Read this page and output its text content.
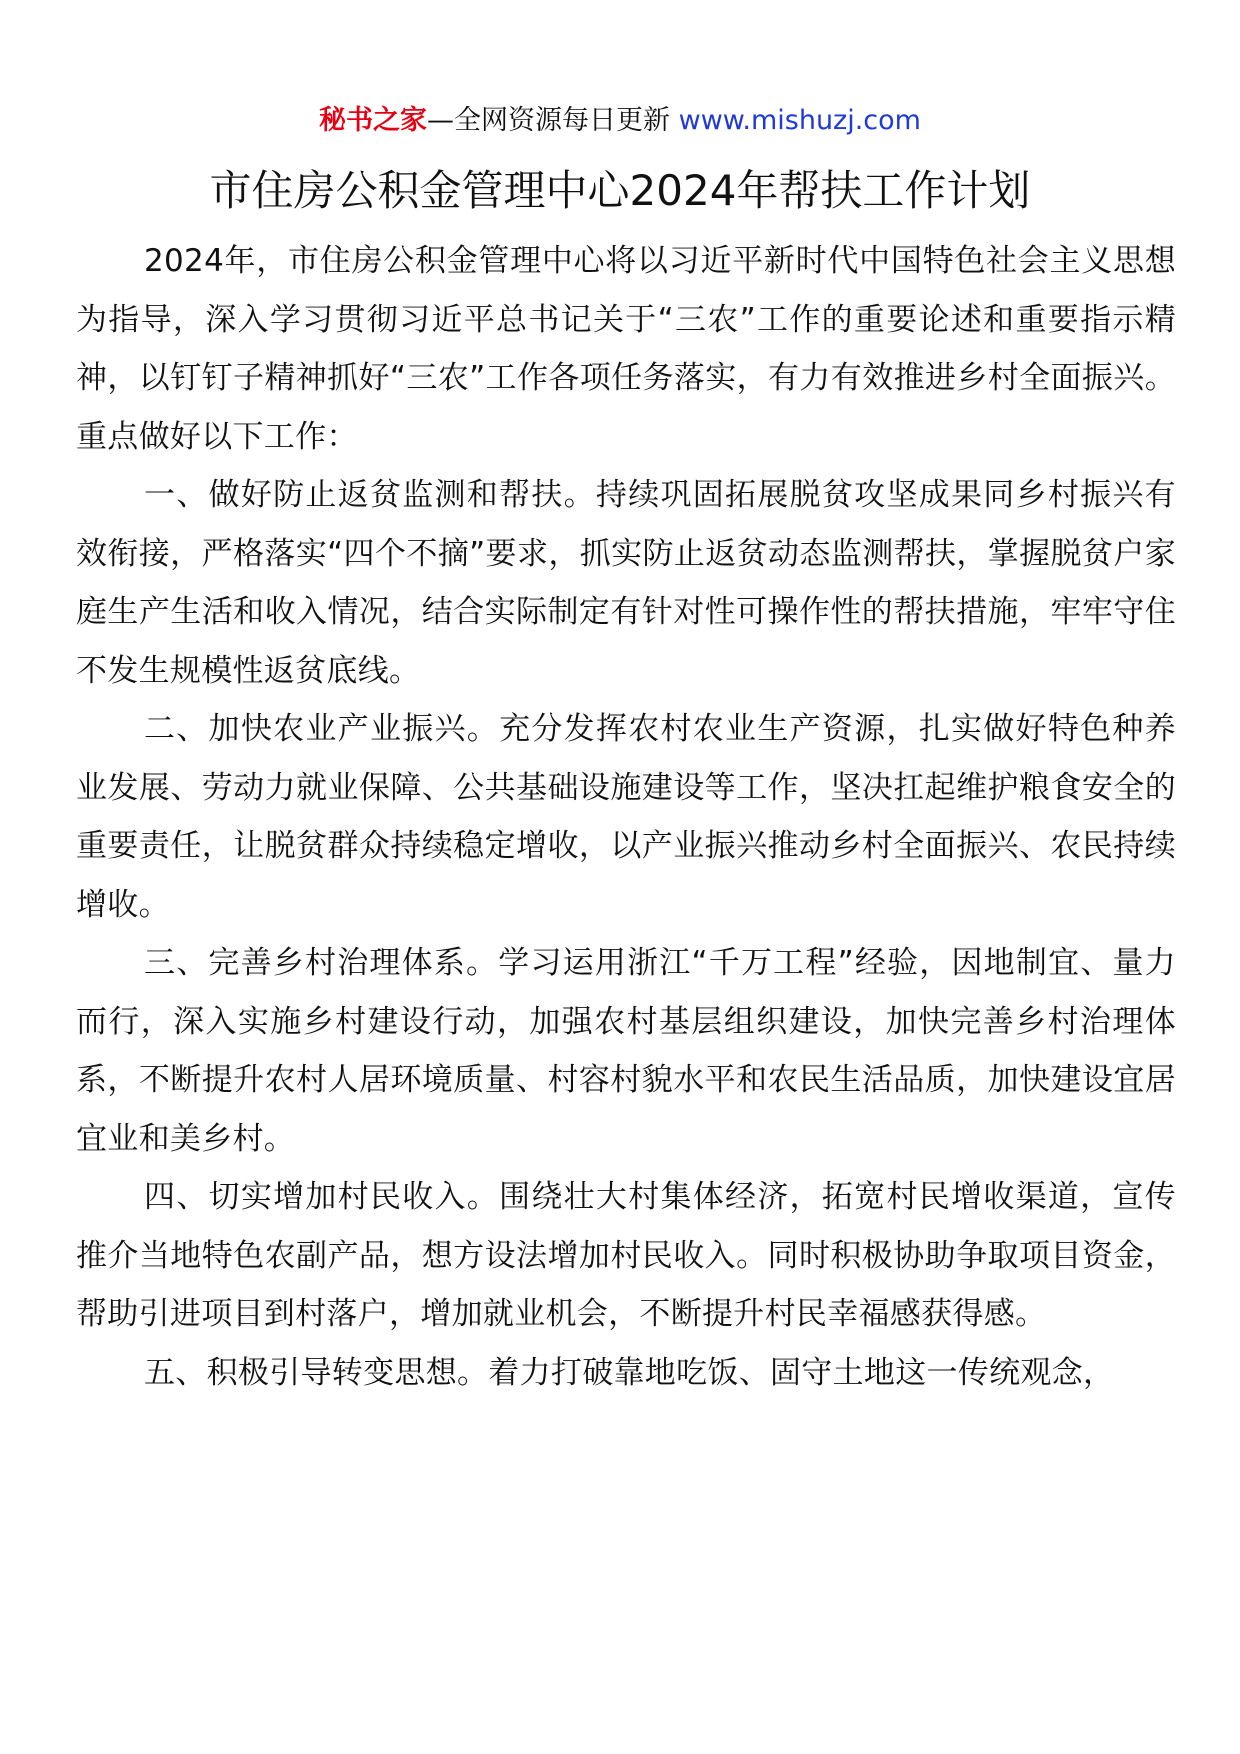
秘书之家—全网资源每日更新 www.mishuzj.com
市住房公积金管理中心2024年帮扶工作计划

2024年，市住房公积金管理中心将以习近平新时代中国特色社会主义思想为指导，深入学习贯彻习近平总书记关于“三农”工作的重要论述和重要指示精神，以钉钉子精神抓好“三农”工作各项任务落实，有力有效推进乡村全面振兴。重点做好以下工作：

一、做好防止返贫监测和帮扶。持续巩固拓展脱贫攻坚成果同乡村振兴有效衔接，严格落实“四个不摘”要求，抓实防止返贫动态监测帮扶，掌握脱贫户家庭生产生活和收入情况，结合实际制定有针对性可操作性的帮扶措施，牢牢守住不发生规模性返贫底线。

二、加快农业产业振兴。充分发挥农村农业生产资源，扎实做好特色种养业发展、劳动力就业保障、公共基础设施建设等工作，坚决扛起维护粮食安全的重要责任，让脱贫群众持续稳定增收，以产业振兴推动乡村全面振兴、农民持续增收。

三、完善乡村治理体系。学习运用浙江“千万工程”经验，因地制宜、量力而行，深入实施乡村建设行动，加强农村基层组织建设，加快完善乡村治理体系，不断提升农村人居环境质量、村容村貌水平和农民生活品质，加快建设宜居宜业和美乡村。

四、切实增加村民收入。围绕壮大村集体经济，拓宽村民增收渠道，宣传推介当地特色农副产品，想方设法增加村民收入。同时积极协助争取项目资金，帮助引进项目到村落户，增加就业机会，不断提升村民幸福感获得感。

五、积极引导转变思想。着力打破靠地吃饭、固守土地这一传统观念，
